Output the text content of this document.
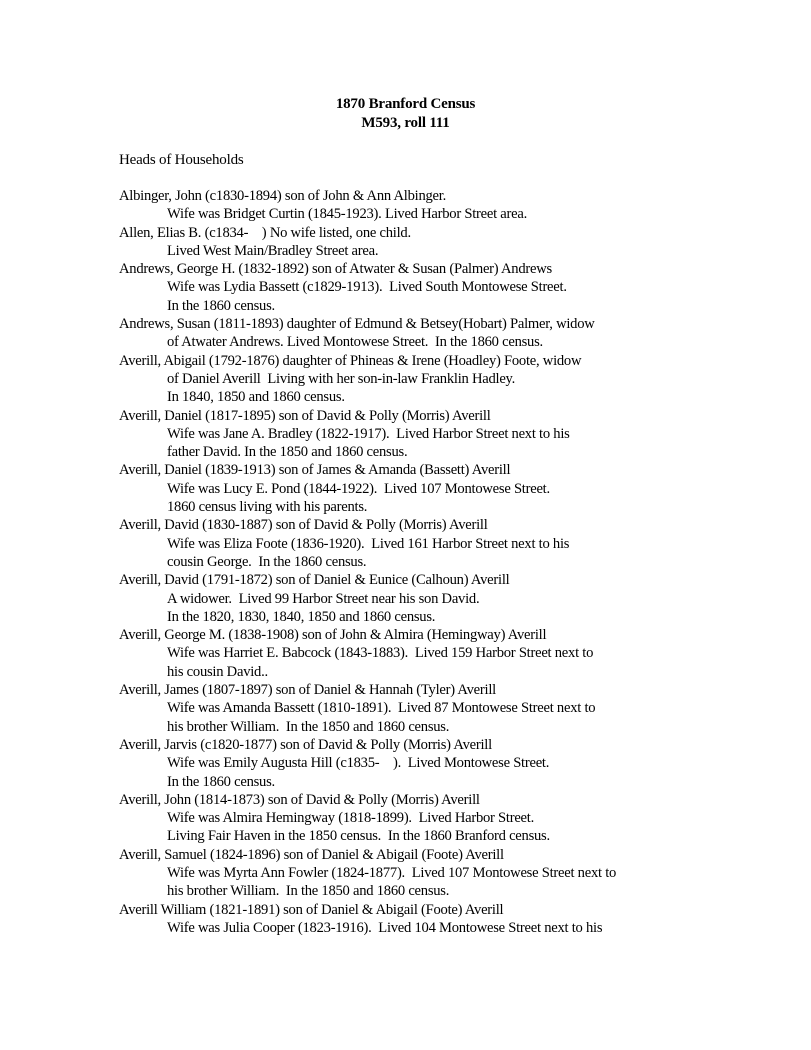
1870 Branford Census
M593, roll 111
Heads of Households
Albinger, John (c1830-1894) son of John & Ann Albinger.
Wife was Bridget Curtin (1845-1923). Lived Harbor Street area.
Allen, Elias B. (c1834-    ) No wife listed, one child.
Lived West Main/Bradley Street area.
Andrews, George H. (1832-1892) son of Atwater & Susan (Palmer) Andrews
Wife was Lydia Bassett (c1829-1913).  Lived South Montowese Street.
In the 1860 census.
Andrews, Susan (1811-1893) daughter of Edmund & Betsey(Hobart) Palmer, widow
of Atwater Andrews. Lived Montowese Street.  In the 1860 census.
Averill, Abigail (1792-1876) daughter of Phineas & Irene (Hoadley) Foote, widow
of Daniel Averill  Living with her son-in-law Franklin Hadley.
In 1840, 1850 and 1860 census.
Averill, Daniel (1817-1895) son of David & Polly (Morris) Averill
Wife was Jane A. Bradley (1822-1917).  Lived Harbor Street next to his
father David. In the 1850 and 1860 census.
Averill, Daniel (1839-1913) son of James & Amanda (Bassett) Averill
Wife was Lucy E. Pond (1844-1922).  Lived 107 Montowese Street.
1860 census living with his parents.
Averill, David (1830-1887) son of David & Polly (Morris) Averill
Wife was Eliza Foote (1836-1920).  Lived 161 Harbor Street next to his
cousin George.  In the 1860 census.
Averill, David (1791-1872) son of Daniel & Eunice (Calhoun) Averill
A widower.  Lived 99 Harbor Street near his son David.
In the 1820, 1830, 1840, 1850 and 1860 census.
Averill, George M. (1838-1908) son of John & Almira (Hemingway) Averill
Wife was Harriet E. Babcock (1843-1883).  Lived 159 Harbor Street next to
his cousin David..
Averill, James (1807-1897) son of Daniel & Hannah (Tyler) Averill
Wife was Amanda Bassett (1810-1891).  Lived 87 Montowese Street next to
his brother William.  In the 1850 and 1860 census.
Averill, Jarvis (c1820-1877) son of David & Polly (Morris) Averill
Wife was Emily Augusta Hill (c1835-    ).  Lived Montowese Street.
In the 1860 census.
Averill, John (1814-1873) son of David & Polly (Morris) Averill
Wife was Almira Hemingway (1818-1899).  Lived Harbor Street.
Living Fair Haven in the 1850 census.  In the 1860 Branford census.
Averill, Samuel (1824-1896) son of Daniel & Abigail (Foote) Averill
Wife was Myrta Ann Fowler (1824-1877).  Lived 107 Montowese Street next to
his brother William.  In the 1850 and 1860 census.
Averill William (1821-1891) son of Daniel & Abigail (Foote) Averill
Wife was Julia Cooper (1823-1916).  Lived 104 Montowese Street next to his
